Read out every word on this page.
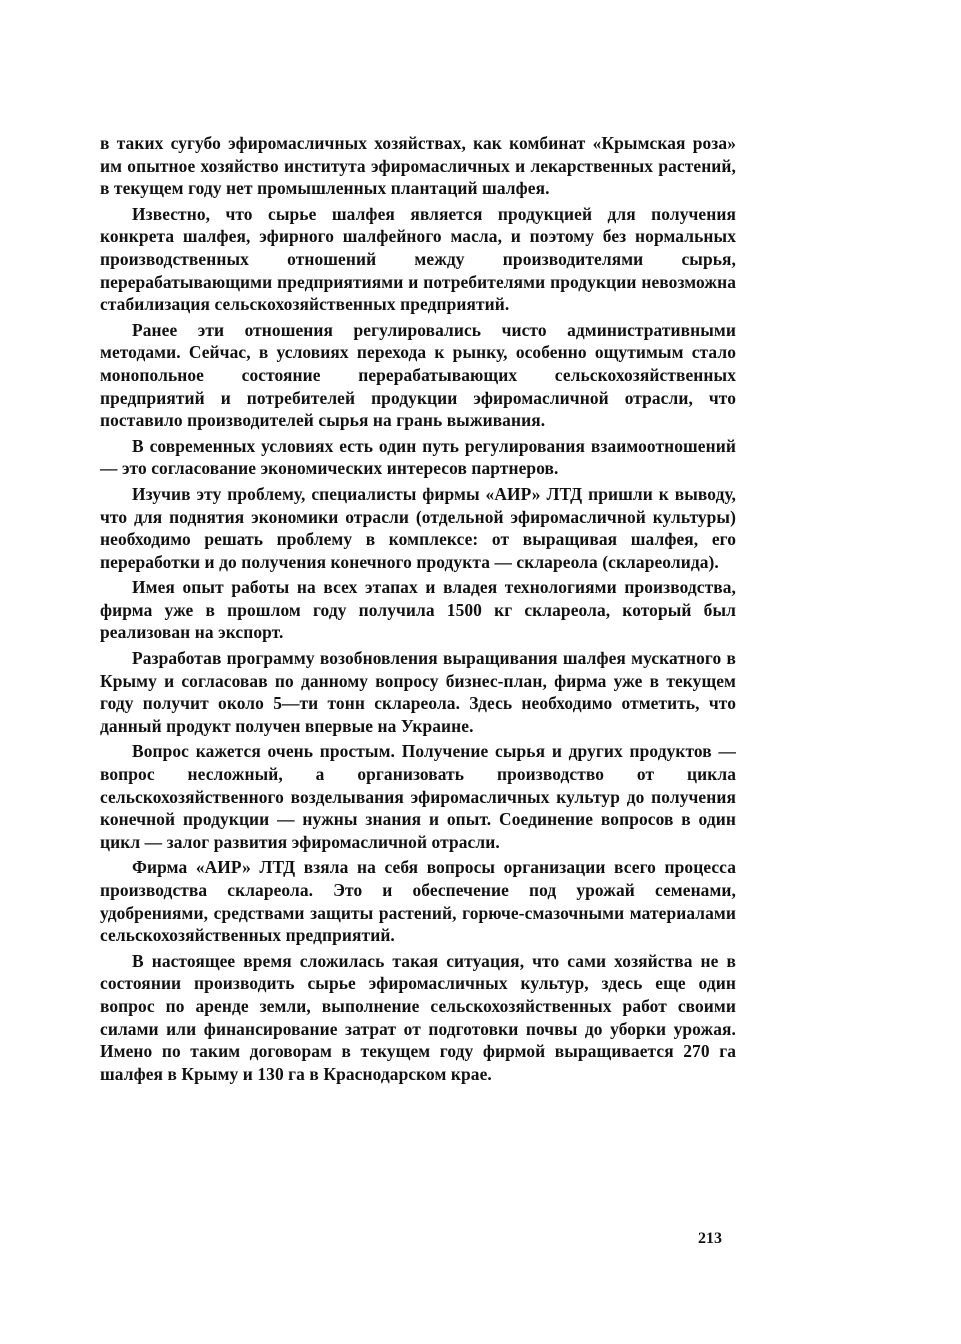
в таких сугубо эфиромасличных хозяйствах, как комбинат «Крымская роза» им опытное хозяйство института эфиромасличных и лекарственных растений, в текущем году нет промышленных плантаций шалфея.

Известно, что сырье шалфея является продукцией для получения конкрета шалфея, эфирного шалфейного масла, и поэтому без нормальных производственных отношений между производителями сырья, перерабатывающими предприятиями и потребителями продукции невозможна стабилизация сельскохозяйственных предприятий.

Ранее эти отношения регулировались чисто административными методами. Сейчас, в условиях перехода к рынку, особенно ощутимым стало монопольное состояние перерабатывающих сельскохозяйственных предприятий и потребителей продукции эфиромасличной отрасли, что поставило производителей сырья на грань выживания.

В современных условиях есть один путь регулирования взаимоотношений — это согласование экономических интересов партнеров.

Изучив эту проблему, специалисты фирмы «АИР» ЛТД пришли к выводу, что для поднятия экономики отрасли (отдельной эфиромасличной культуры) необходимо решать проблему в комплексе: от выращивая шалфея, его переработки и до получения конечного продукта — склареола (склареолида).

Имея опыт работы на всех этапах и владея технологиями производства, фирма уже в прошлом году получила 1500 кг склареола, который был реализован на экспорт.

Разработав программу возобновления выращивания шалфея мускатного в Крыму и согласовав по данному вопросу бизнес-план, фирма уже в текущем году получит около 5—ти тонн склареола. Здесь необходимо отметить, что данный продукт получен впервые на Украине.

Вопрос кажется очень простым. Получение сырья и других продуктов — вопрос несложный, а организовать производство от цикла сельскохозяйственного возделывания эфиромасличных культур до получения конечной продукции — нужны знания и опыт. Соединение вопросов в один цикл — залог развития эфиромасличной отрасли.

Фирма «АИР» ЛТД взяла на себя вопросы организации всего процесса производства склареола. Это и обеспечение под урожай семенами, удобрениями, средствами защиты растений, горюче-смазочными материалами сельскохозяйственных предприятий.

В настоящее время сложилась такая ситуация, что сами хозяйства не в состоянии производить сырье эфиромасличных культур, здесь еще один вопрос по аренде земли, выполнение сельскохозяйственных работ своими силами или финансирование затрат от подготовки почвы до уборки урожая. Имено по таким договорам в текущем году фирмой выращивается 270 га шалфея в Крыму и 130 га в Краснодарском крае.

213
